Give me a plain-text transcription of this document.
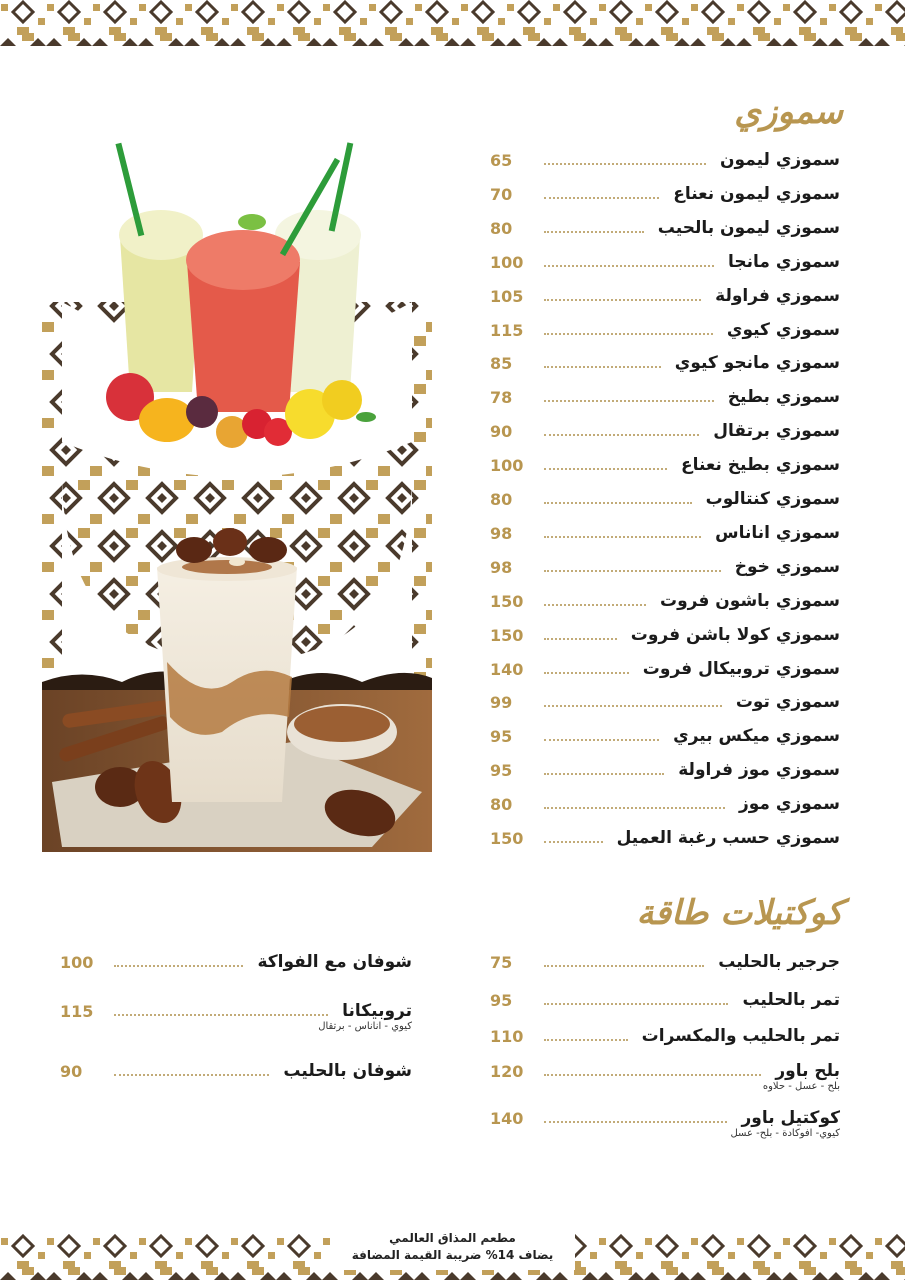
سموزي
سموزي ليمون
65
سموزي ليمون نعناع
70
سموزي ليمون بالحيب
80
سموزي مانجا
100
سموزي فراولة
105
سموزي كيوي
115
سموزي مانجو كيوي
85
سموزي بطيخ
78
سموزي برتقال
90
سموزي بطيخ نعناع
100
سموزي كنتالوب
80
سموزي اناناس
98
سموزي خوخ
98
سموزي باشون فروت
150
سموزي كولا باشن فروت
150
سموزي تروبيكال فروت
140
سموزي توت
99
سموزي ميكس بيري
95
سموزي موز فراولة
95
سموزي موز
80
سموزي حسب رغبة العميل
150
كوكتيلات طاقة
جرجير بالحليب
75
تمر بالحليب
95
تمر بالحليب والمكسرات
110
بلح باور
120
بلح - عسل - حلاوه
كوكتيل باور
140
كيوي- افوكادة - بلح- عسل
شوفان مع الفواكة
100
تروبيكانا
115
كيوي - اناناس - برتقال
شوفان بالحليب
90
مطعم المذاق العالمي
يضاف 14% ضريبة القيمة المضافة
